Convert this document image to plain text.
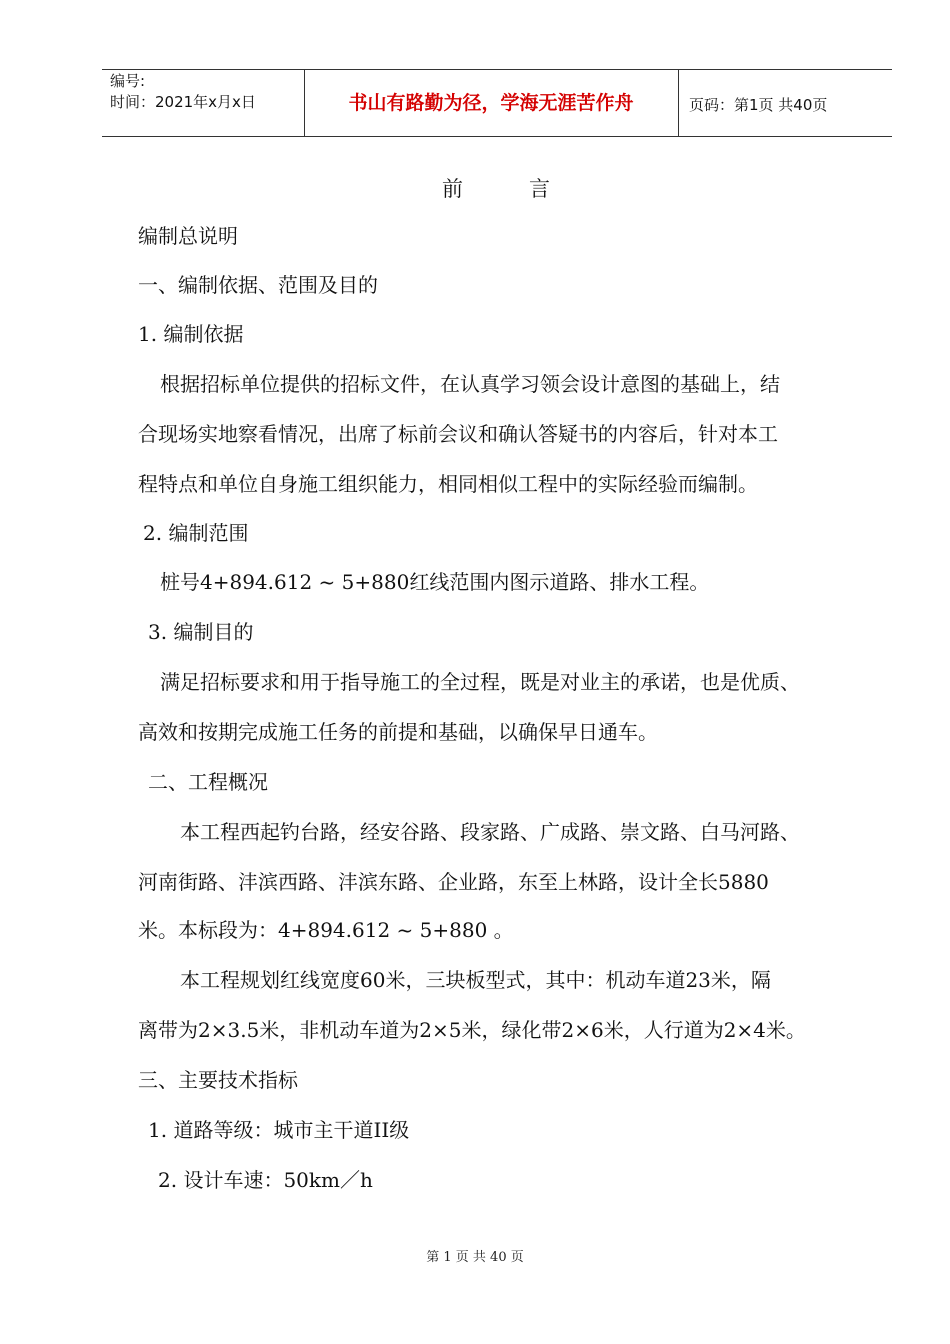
编号:
时间：2021年x月x日	书山有路勤为径，学海无涯苦作舟	页码：第1页 共40页
前言
编制总说明
一、编制依据、范围及目的
1. 编制依据
根据招标单位提供的招标文件，在认真学习领会设计意图的基础上，结
合现场实地察看情况，出席了标前会议和确认答疑书的内容后，针对本工
程特点和单位自身施工组织能力，相同相似工程中的实际经验而编制。
2. 编制范围
桩号4+894.612 ~ 5+880红线范围内图示道路、排水工程。
3. 编制目的
满足招标要求和用于指导施工的全过程，既是对业主的承诺，也是优质、
高效和按期完成施工任务的前提和基础，以确保早日通车。
二、工程概况
本工程西起钓台路，经安谷路、段家路、广成路、崇文路、白马河路、
河南街路、沣滨西路、沣滨东路、企业路，东至上林路，设计全长5880
米。本标段为：4+894.612 ~ 5+880 。
本工程规划红线宽度60米，三块板型式，其中：机动车道23米，隔
离带为2×3.5米，非机动车道为2×5米，绿化带2×6米，人行道为2×4米。
三、主要技术指标
1. 道路等级：城市主干道II级
2. 设计车速：50km／h
第 1 页 共 40 页
